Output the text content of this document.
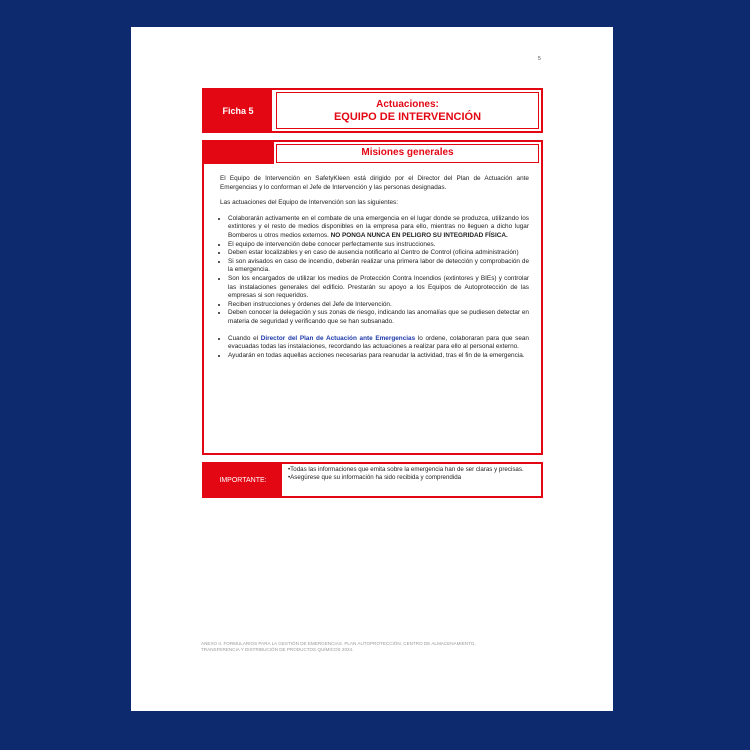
5
Ficha 5
Actuaciones:
EQUIPO DE INTERVENCIÓN
Misiones generales

El Equipo de Intervención en SafetyKleen está dirigido por el Director del Plan de Actuación ante Emergencias y lo conforman el Jefe de Intervención y las personas designadas.

Las actuaciones del Equipo de Intervención son las siguientes:

• Colaborarán activamente en el combate de una emergencia en el lugar donde se produzca, utilizando los extintores y el resto de medios disponibles en la empresa para ello, mientras no lleguen a dicho lugar Bomberos u otros medios externos. NO PONGA NUNCA EN PELIGRO SU INTEGRIDAD FÍSICA.
• El equipo de intervención debe conocer perfectamente sus instrucciones.
• Deben estar localizables y en caso de ausencia notificarlo al Centro de Control (oficina administración)
• Si son avisados en caso de incendio, deberán realizar una primera labor de detección y comprobación de la emergencia.
• Son los encargados de utilizar los medios de Protección Contra Incendios (extintores y BIEs) y controlar las instalaciones generales del edificio. Prestarán su apoyo a los Equipos de Autoprotección de las empresas si son requeridos.
• Reciben instrucciones y órdenes del Jefe de Intervención.
• Deben conocer la delegación y sus zonas de riesgo, indicando las anomalías que se pudiesen detectar en materia de seguridad y verificando que se han subsanado.
• Cuando el Director del Plan de Actuación ante Emergencias lo ordene, colaboraran para que sean evacuadas todas las instalaciones, recordando las actuaciones a realizar para ello al personal externo.
• Ayudarán en todas aquellas acciones necesarias para reanudar la actividad, tras el fin de la emergencia.
IMPORTANTE:
•Todas las informaciones que emita sobre la emergencia han de ser claras y precisas.
•Asegúrese que su información ha sido recibida y comprendida
ANEXO II. FORMULARIOS PARA LA GESTIÓN DE EMERGENCIAS. PLAN AUTOPROTECCIÓN. CENTRO DE ALMACENAMIENTO, TRANSFERENCIA Y DISTRIBUCIÓN DE PRODUCTOS QUÍMICOS 2024.
